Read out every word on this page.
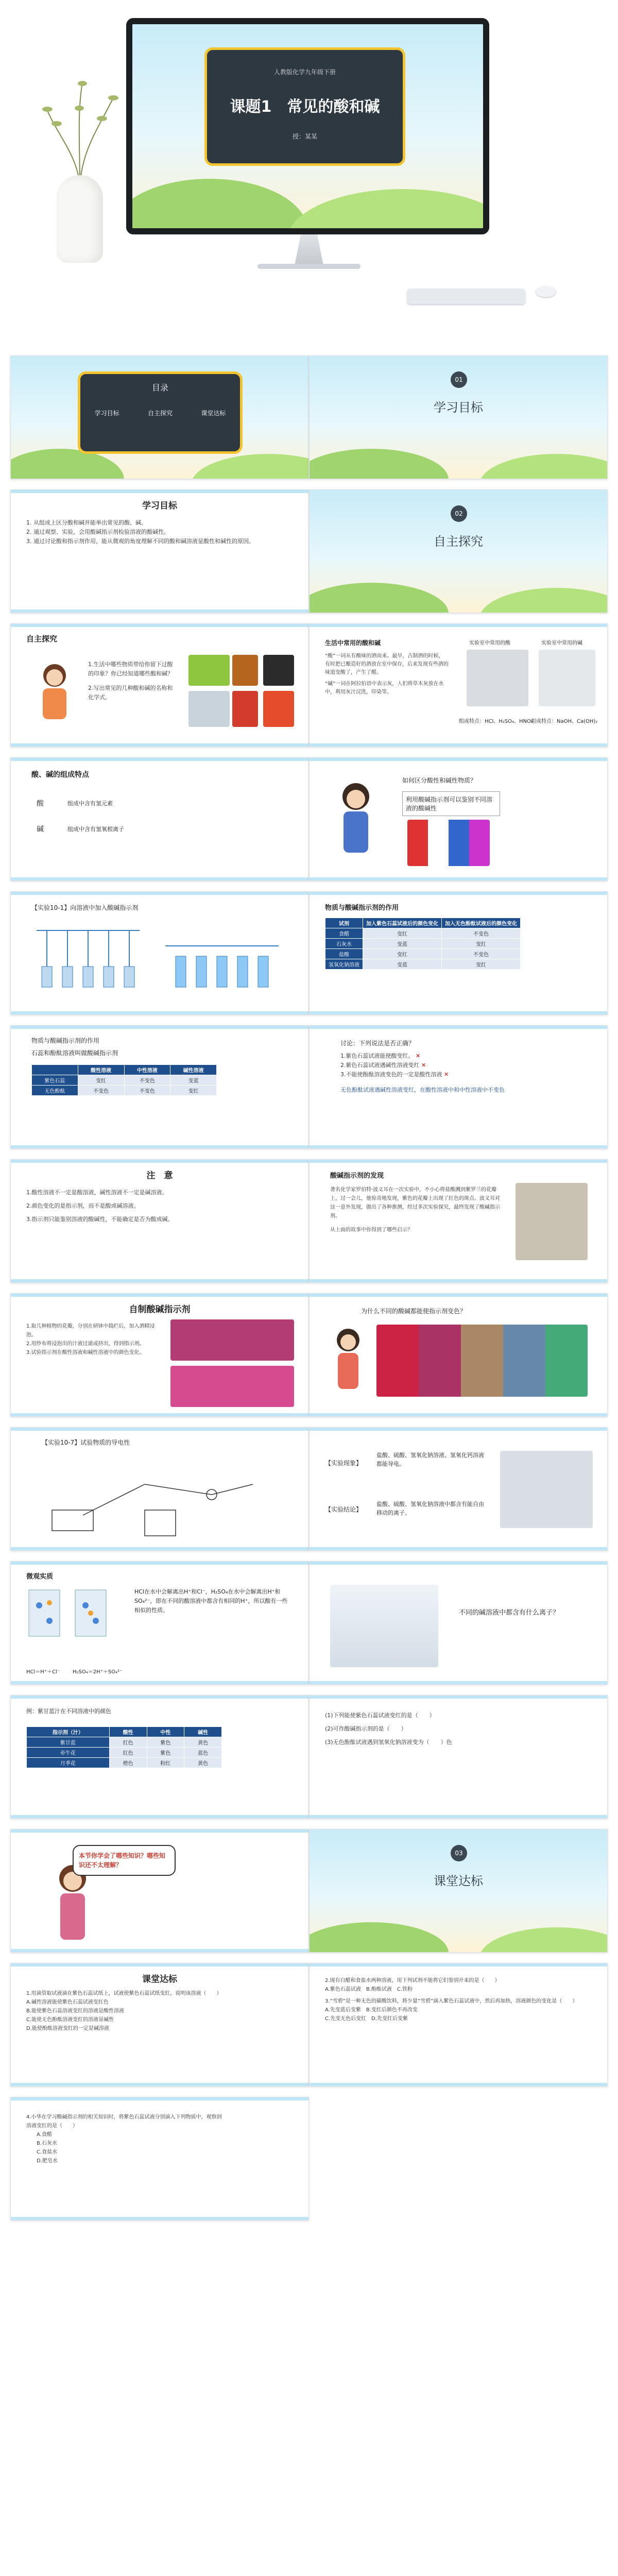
人教版化学九年级下册
课题1　常见的酸和碱
授：某某
目录
学习目标	自主探究	课堂达标
01
学习目标
学习目标

1. 从组成上区分酸和碱并能举出常见的酸、碱。

2. 通过观察、实验，会用酸碱指示剂检验溶液的酸碱性。

3. 通过讨论酸和指示剂作用，能从微观的角度理解不同的酸和碱溶液显酸性和碱性的原因。

02
自主探究
自主探究

1.生活中哪些物质带给你留下过酸的印象？你已经知道哪些酸和碱？

2.写出常见的几种酸和碱的名称和化学式。

生活中常用的酸和碱

“酸”一词从有酸味的酒而来。最早，古制酒的时候，有时把已酿造好的酒放在室中保存，后来发现有些酒的味道变酸了，产生了醋。

“碱”一词在阿拉伯语中表示灰，人们将草木灰放在水中，利用灰汁浣洗，印染等。

实验室中常用的酸	实验室中常用的碱
组成特点：HCl、H₂SO₄、HNO₃
组成特点：NaOH、Ca(OH)₂
酸、碱的组成特点
酸	组成中含有氢元素
碱	组成中含有氢氧根离子
如何区分酸性和碱性物质？
利用酸碱指示剂可以鉴别不同溶液的酸碱性
【实验10-1】向溶液中加入酸碱指示剂	物质与酸碱指示剂的作用
试剂	加入紫色石蕊试液后的颜色变化	加入无色酚酞试液后的颜色变化
食醋	变红	不变色
石灰水	变蓝	变红
盐酸	变红	不变色
氢氧化钠溶液	变蓝	变红
物质与酸碱指示剂的作用
石蕊和酚酞溶液叫做酸碱指示剂
	酸性溶液	中性溶液	碱性溶液
紫色石蕊	变红	不变色	变蓝
无色酚酞	不变色	不变色	变红
讨论：下列说法是否正确？

1.紫色石蕊试液能使酸变红。 ✕

2.紫色石蕊试液遇碱性溶液变红 ✕

3.不能使酚酞溶液变色的一定是酸性溶液 ✕

无色酚酞试液遇碱性溶液变红，在酸性溶液中和中性溶液中不变色

注　意

1.酸性溶液不一定是酸溶液，碱性溶液不一定是碱溶液。

2.颜色变化的是指示剂，而不是酸或碱溶液。

3.指示剂只能鉴别溶液的酸碱性，不能确定是否为酸或碱。

酸碱指示剂的发现

著名化学家罗伯特·波义耳在一次实验中，不小心将盐酸溅到紫罗兰的花瓣上，过一会儿，他惊奇地发现，紫色的花瓣上出现了红色的斑点。波义耳对这一意外发现，做出了各种推测，经过多次实验探究，最终发现了酸碱指示剂。

从上面的故事中你得到了哪些启示？

自制酸碱指示剂

1.取几种植物的花瓣，分别在研钵中捣烂后，加入酒精浸泡。

2.用纱布将浸泡出的汁液过滤或挤出，得到指示剂。

3.试验指示剂在酸性溶液和碱性溶液中的颜色变化。

为什么不同的酸碱都能使指示剂变色？
【实验10-7】试验物质的导电性
【实验现象】
盐酸、硫酸、氢氧化钠溶液、氢氧化钙溶液都能导电。
【实验结论】
盐酸、硫酸、氢氧化钠溶液中都含有能自由移动的离子。
微观实质
HCl＝H⁺＋Cl⁻ H₂SO₄＝2H⁺＋SO₄²⁻
HCl在水中会解离出H⁺和Cl⁻，H₂SO₄在水中会解离出H⁺和SO₄²⁻，即在不同的酸溶液中都含有相同的H⁺，所以酸有一些相似的性质。	不同的碱溶液中都含有什么离子？
例：紫甘蓝汁在不同溶液中的颜色
指示剂（汁）	酸性	中性	碱性
紫甘蓝	红色	紫色	黄色
牵牛花	红色	紫色	蓝色
月季花	橙色	粉红	黄色

(1)下列能使紫色石蕊试液变红的是（　　）

(2)可作酸碱指示剂的是（　　）

(3)无色酚酞试液遇到氢氧化钠溶液变为（　　）色

本节你学会了哪些知识？哪些知识还不太理解？
03
课堂达标
课堂达标

1.用滴管取试液滴在紫色石蕊试纸上，试液使紫色石蕊试纸变红，说明该溶液（　　）

A.碱性溶液能使紫色石蕊试液变红色

B.能使紫色石蕊溶液变红的溶液是酸性溶液

C.能使无色酚酞溶液变红的溶液显碱性

D.能使酚酞溶液变红的一定是碱溶液

2.现有白醋和食盐水两种溶液，用下列试剂不能将它们鉴别开来的是（　　）

A.紫色石蕊试液　B.酚酞试液　C.铁粉

3.“雪碧”是一种无色的碳酸饮料，将少量“雪碧”滴入紫色石蕊试液中，然后再加热，溶液颜色的变化是（　　）

A.先变蓝后变紫　B.变红后颜色不再改变

C.先变无色后变红　D.先变红后变紫

4.小华在学习酸碱指示剂的相关知识时，将紫色石蕊试液分别滴入下列物质中，观察到溶液变红的是（　　）

A.食醋

B.石灰水

C.食盐水

D.肥皂水
